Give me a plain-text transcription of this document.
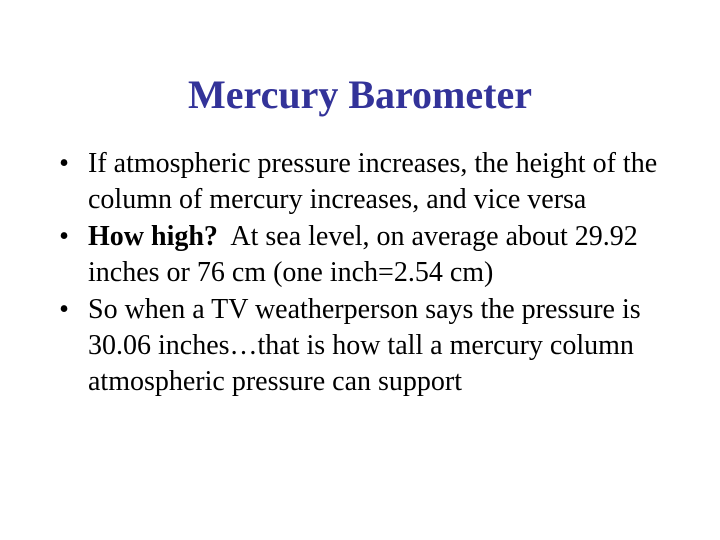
Mercury Barometer
• If atmospheric pressure increases, the height of the column of mercury increases, and vice versa
• How high?  At sea level, on average about 29.92 inches or 76 cm (one inch=2.54 cm)
• So when a TV weatherperson says the pressure is 30.06 inches…that is how tall a mercury column atmospheric pressure can support
